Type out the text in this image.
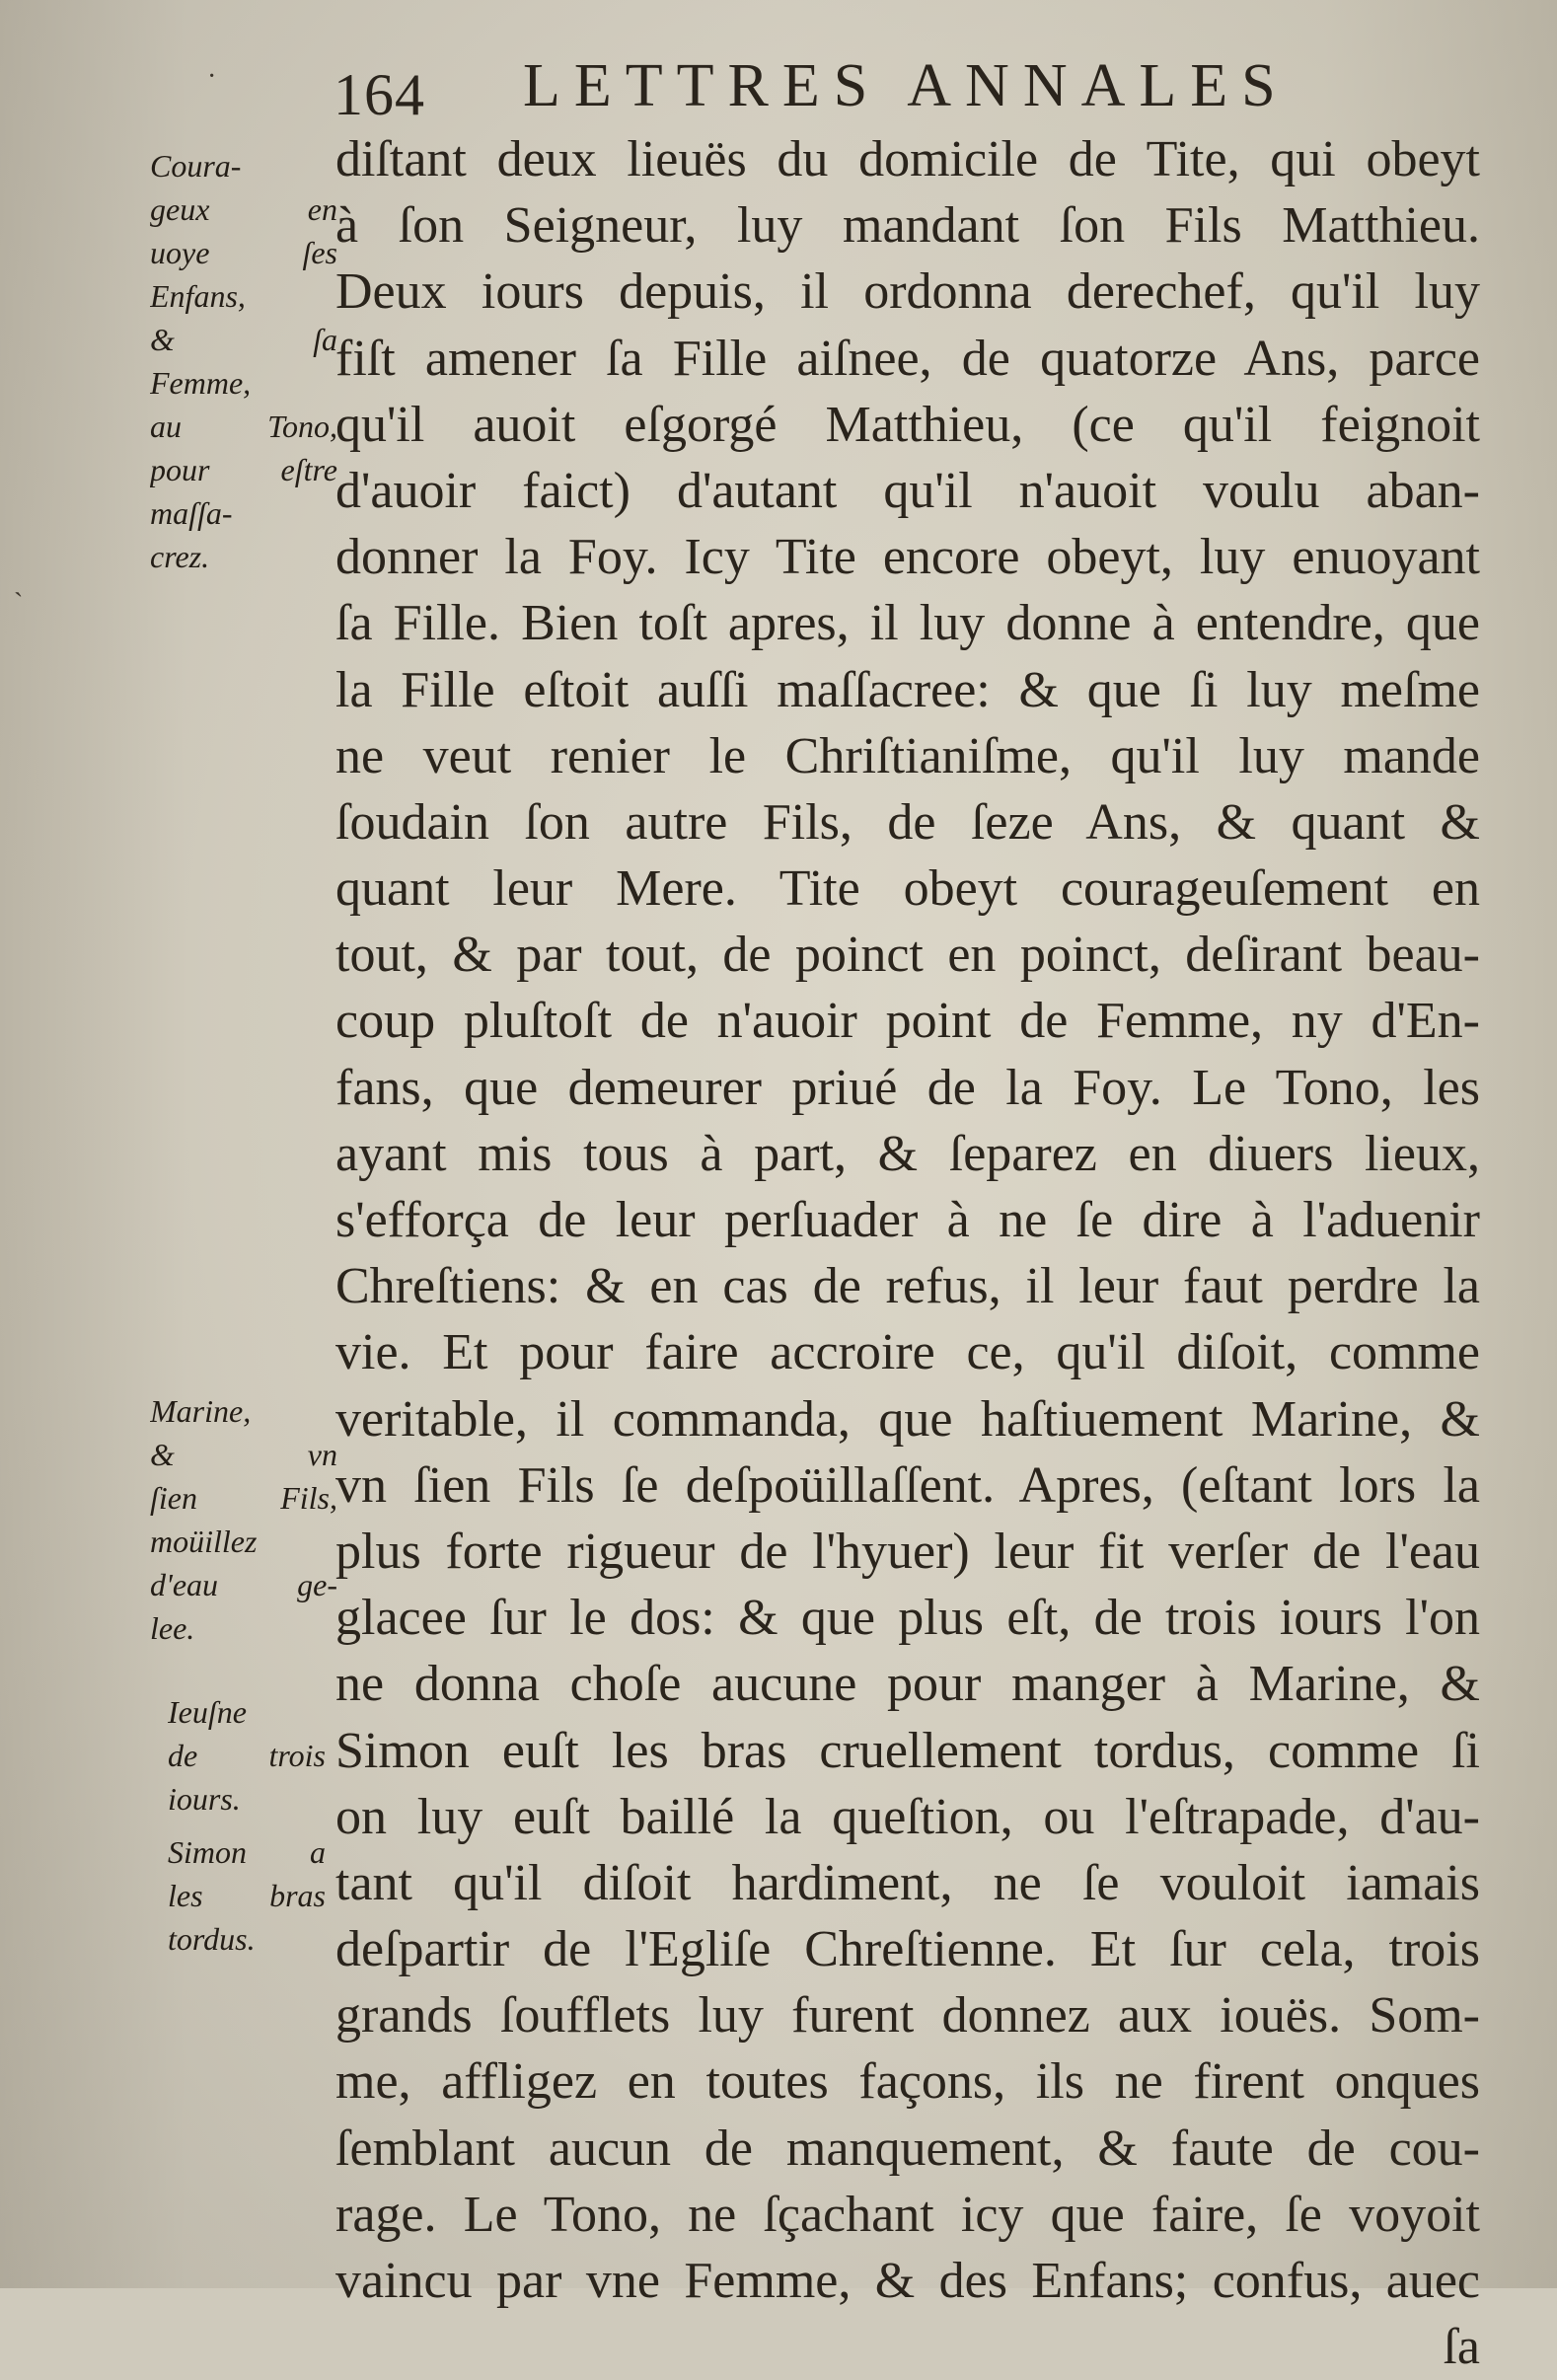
164 LETTRES ANNALES
·
`
Coura-
geux en
uoye ſes
Enfans,
& ſa
Femme,
au Tono,
pour eſtre
maſſa-
crez.
Marine,
& vn
ſien Fils,
moüillez
d'eau ge-
lee.
Ieuſne
de trois
iours.
Simon a
les bras
tordus.
diſtant deux lieuës du domicile de Tite, qui obeyt
à ſon Seigneur, luy mandant ſon Fils Matthieu.
Deux iours depuis, il ordonna derechef, qu'il luy
fiſt amener ſa Fille aiſnee, de quatorze Ans, parce
qu'il auoit eſgorgé Matthieu, (ce qu'il feignoit
d'auoir faict) d'autant qu'il n'auoit voulu aban-
donner la Foy. Icy Tite encore obeyt, luy enuoyant
ſa Fille. Bien toſt apres, il luy donne à entendre, que
la Fille eſtoit auſſi maſſacree: & que ſi luy meſme
ne veut renier le Chriſtianiſme, qu'il luy mande
ſoudain ſon autre Fils, de ſeze Ans, & quant &
quant leur Mere. Tite obeyt courageuſement en
tout, & par tout, de poinct en poinct, deſirant beau-
coup pluſtoſt de n'auoir point de Femme, ny d'En-
fans, que demeurer priué de la Foy. Le Tono, les
ayant mis tous à part, & ſeparez en diuers lieux,
s'efforça de leur perſuader à ne ſe dire à l'aduenir
Chreſtiens: & en cas de refus, il leur faut perdre la
vie. Et pour faire accroire ce, qu'il diſoit, comme
veritable, il commanda, que haſtiuement Marine, &
vn ſien Fils ſe deſpoüillaſſent. Apres, (eſtant lors la
plus forte rigueur de l'hyuer) leur fit verſer de l'eau
glacee ſur le dos: & que plus eſt, de trois iours l'on
ne donna choſe aucune pour manger à Marine, &
Simon euſt les bras cruellement tordus, comme ſi
on luy euſt baillé la queſtion, ou l'eſtrapade, d'au-
tant qu'il diſoit hardiment, ne ſe vouloit iamais
deſpartir de l'Egliſe Chreſtienne. Et ſur cela, trois
grands ſoufflets luy furent donnez aux iouës. Som-
me, affligez en toutes façons, ils ne firent onques
ſemblant aucun de manquement, & faute de cou-
rage. Le Tono, ne ſçachant icy que faire, ſe voyoit
vaincu par vne Femme, & des Enfans; confus, auec
ſa
